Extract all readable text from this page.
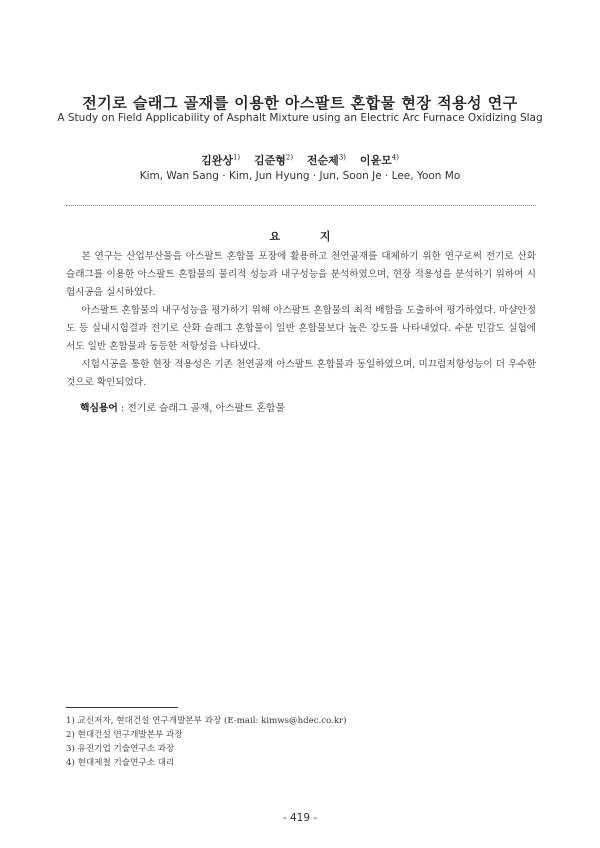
전기로 슬래그 골재를 이용한 아스팔트 혼합물 현장 적용성 연구
A Study on Field Applicability of Asphalt Mixture using an Electric Arc Furnace Oxidizing Slag
김완상$^{1)}$ 김준형$^{2)}$ 전순제$^{3)}$ 이윤모$^{4)}$
Kim, Wan Sang · Kim, Jun Hyung · Jun, Soon Je · Lee, Yoon Mo
요 지

본 연구는 산업부산물을 아스팔트 혼합물 포장에 활용하고 천연골재를 대체하기 위한 연구로써 전기로 산화 슬래그를 이용한 아스팔트 혼합물의 물리적 성능과 내구성능을 분석하였으며, 현장 적용성을 분석하기 위하여 시험시공을 실시하였다.

아스팔트 혼합물의 내구성능을 평가하기 위해 아스팔트 혼합물의 최적 배합을 도출하여 평가하였다. 마샬안정도 등 실내시험결과 전기로 산화 슬래그 혼합물이 일반 혼합물보다 높은 강도를 나타내었다. 수분 민감도 실험에서도 일반 혼합물과 동등한 저항성을 나타냈다.

시험시공을 통한 현장 적용성은 기존 천연골재 아스팔트 혼합물과 동일하였으며, 미끄럼저항성능이 더 우수한 것으로 확인되었다.

핵심용어 : 전기로 슬래그 골재, 아스팔트 혼합물
1) 교신저자, 현대건설 연구개발본부 과장 (E-mail: kimws@hdec.co.kr)
2) 현대건설 연구개발본부 과장
3) 유진기업 기술연구소 과장
4) 현대제철 기술연구소 대리
- 419 -
